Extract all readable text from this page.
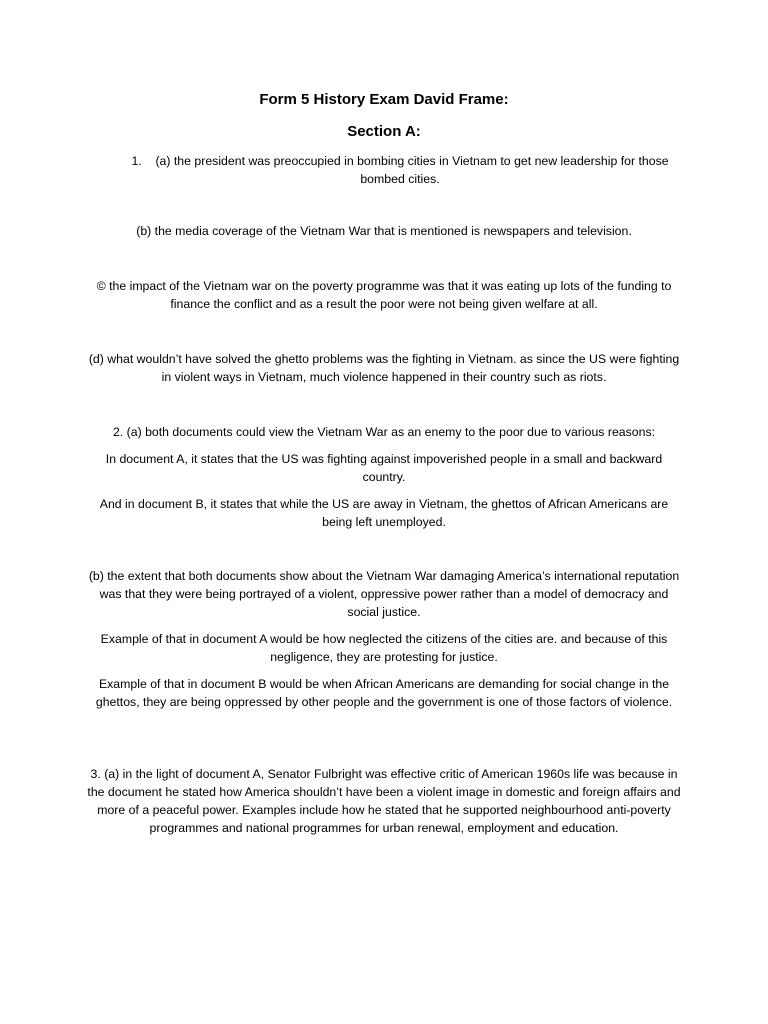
Form 5 History Exam David Frame:

Section A:

1. (a) the president was preoccupied in bombing cities in Vietnam to get new leadership for those bombed cities.

(b) the media coverage of the Vietnam War that is mentioned is newspapers and television.

© the impact of the Vietnam war on the poverty programme was that it was eating up lots of the funding to finance the conflict and as a result the poor were not being given welfare at all.

(d) what wouldn’t have solved the ghetto problems was the fighting in Vietnam. as since the US were fighting in violent ways in Vietnam, much violence happened in their country such as riots.

2. (a) both documents could view the Vietnam War as an enemy to the poor due to various reasons:

In document A, it states that the US was fighting against impoverished people in a small and backward country.

And in document B, it states that while the US are away in Vietnam, the ghettos of African Americans are being left unemployed.

(b) the extent that both documents show about the Vietnam War damaging America’s international reputation was that they were being portrayed of a violent, oppressive power rather than a model of democracy and social justice.

Example of that in document A would be how neglected the citizens of the cities are. and because of this negligence, they are protesting for justice.

Example of that in document B would be when African Americans are demanding for social change in the ghettos, they are being oppressed by other people and the government is one of those factors of violence.

3. (a) in the light of document A, Senator Fulbright was effective critic of American 1960s life was because in the document he stated how America shouldn’t have been a violent image in domestic and foreign affairs and more of a peaceful power. Examples include how he stated that he supported neighbourhood anti-poverty programmes and national programmes for urban renewal, employment and education.
